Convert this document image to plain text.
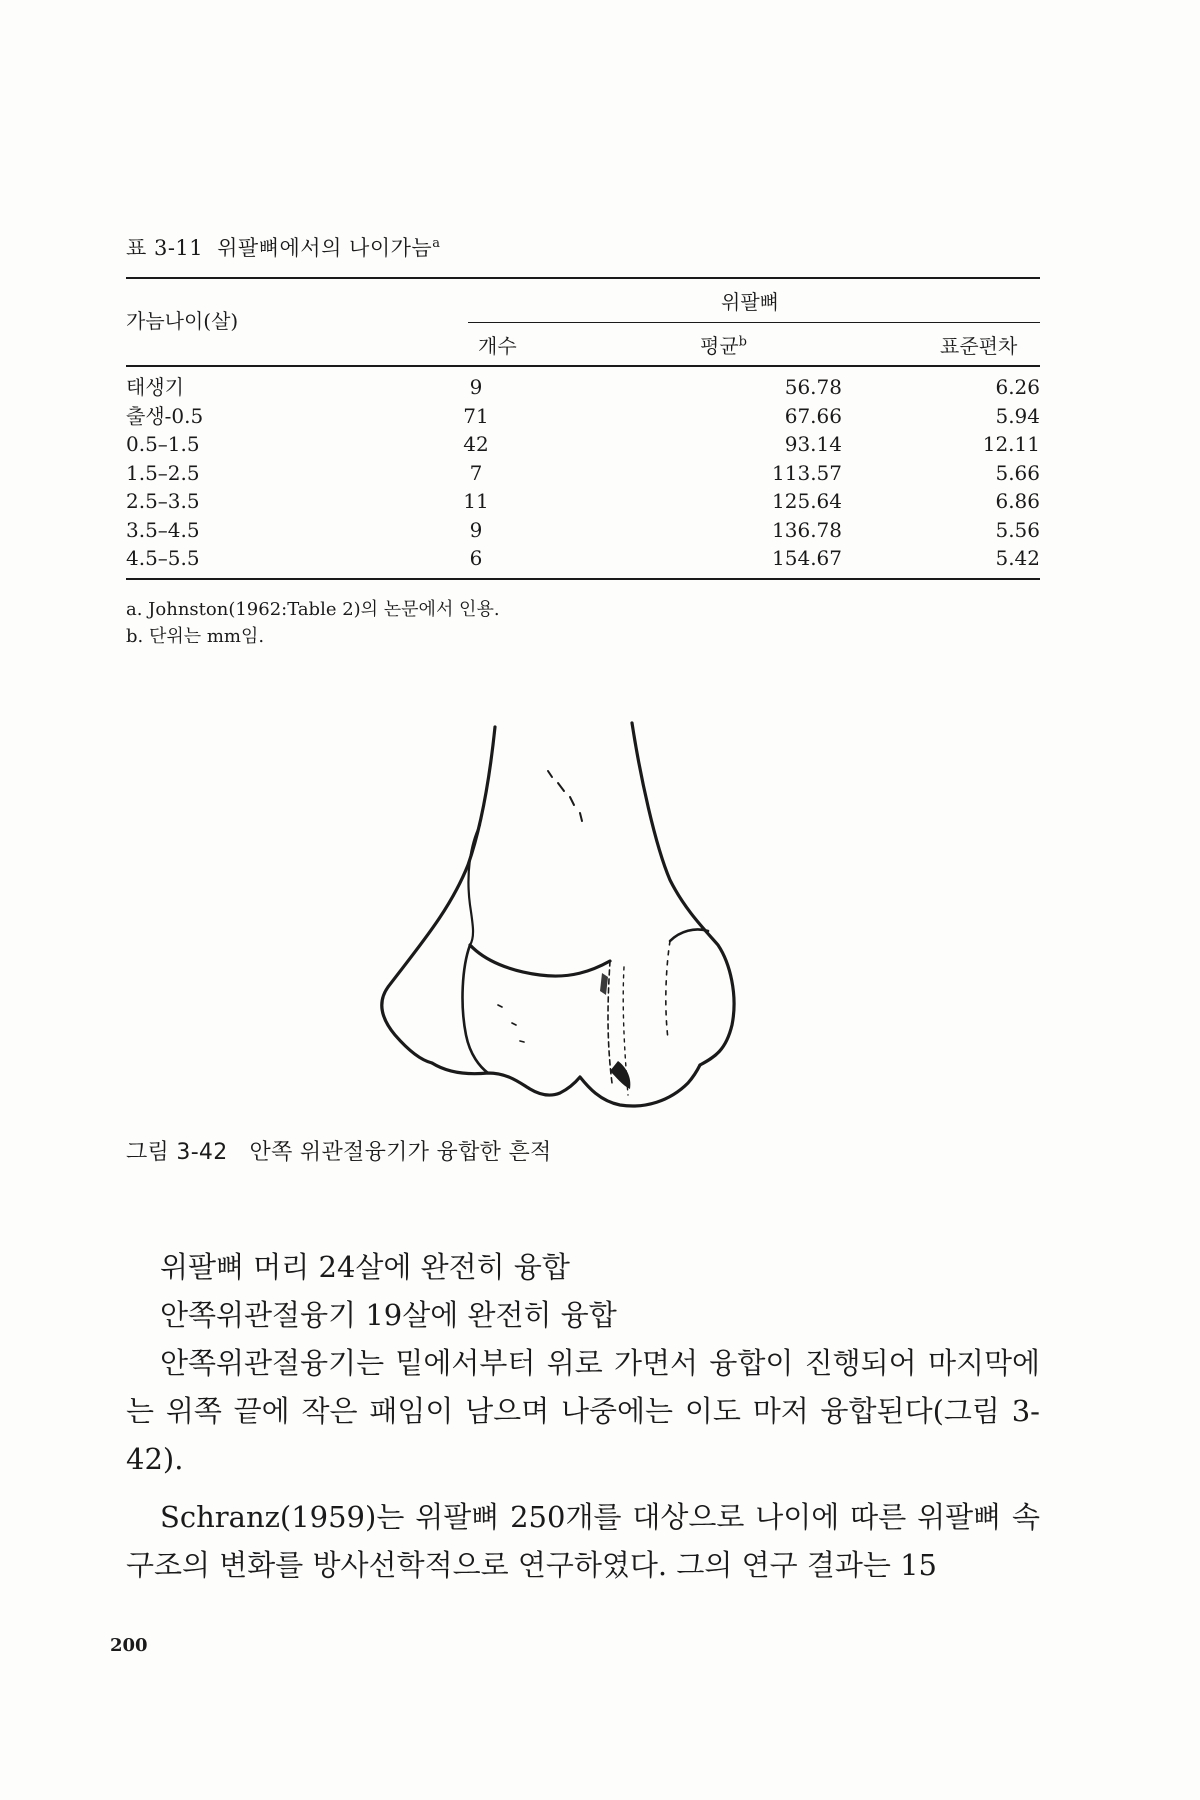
표 3-11 위팔뼈에서의 나이가늠$^a$
가늠나이(살)
위팔뼈
개수	평균$^b$	표준편차
태생기	9	56.78	6.26
출생-0.5	71	67.66	5.94
0.5–1.5	42	93.14	12.11
1.5–2.5	7	113.57	5.66
2.5–3.5	11	125.64	6.86
3.5–4.5	9	136.78	5.56
4.5–5.5	6	154.67	5.42
a. Johnston(1962:Table 2)의 논문에서 인용.
b. 단위는 mm임.
그림 3-42 안쪽 위관절융기가 융합한 흔적

위팔뼈 머리 24살에 완전히 융합

안쪽위관절융기 19살에 완전히 융합

안쪽위관절융기는 밑에서부터 위로 가면서 융합이 진행되어 마지막에는 위쪽 끝에 작은 패임이 남으며 나중에는 이도 마저 융합된다(그림 3-42).

Schranz(1959)는 위팔뼈 250개를 대상으로 나이에 따른 위팔뼈 속구조의 변화를 방사선학적으로 연구하였다. 그의 연구 결과는 15

200
